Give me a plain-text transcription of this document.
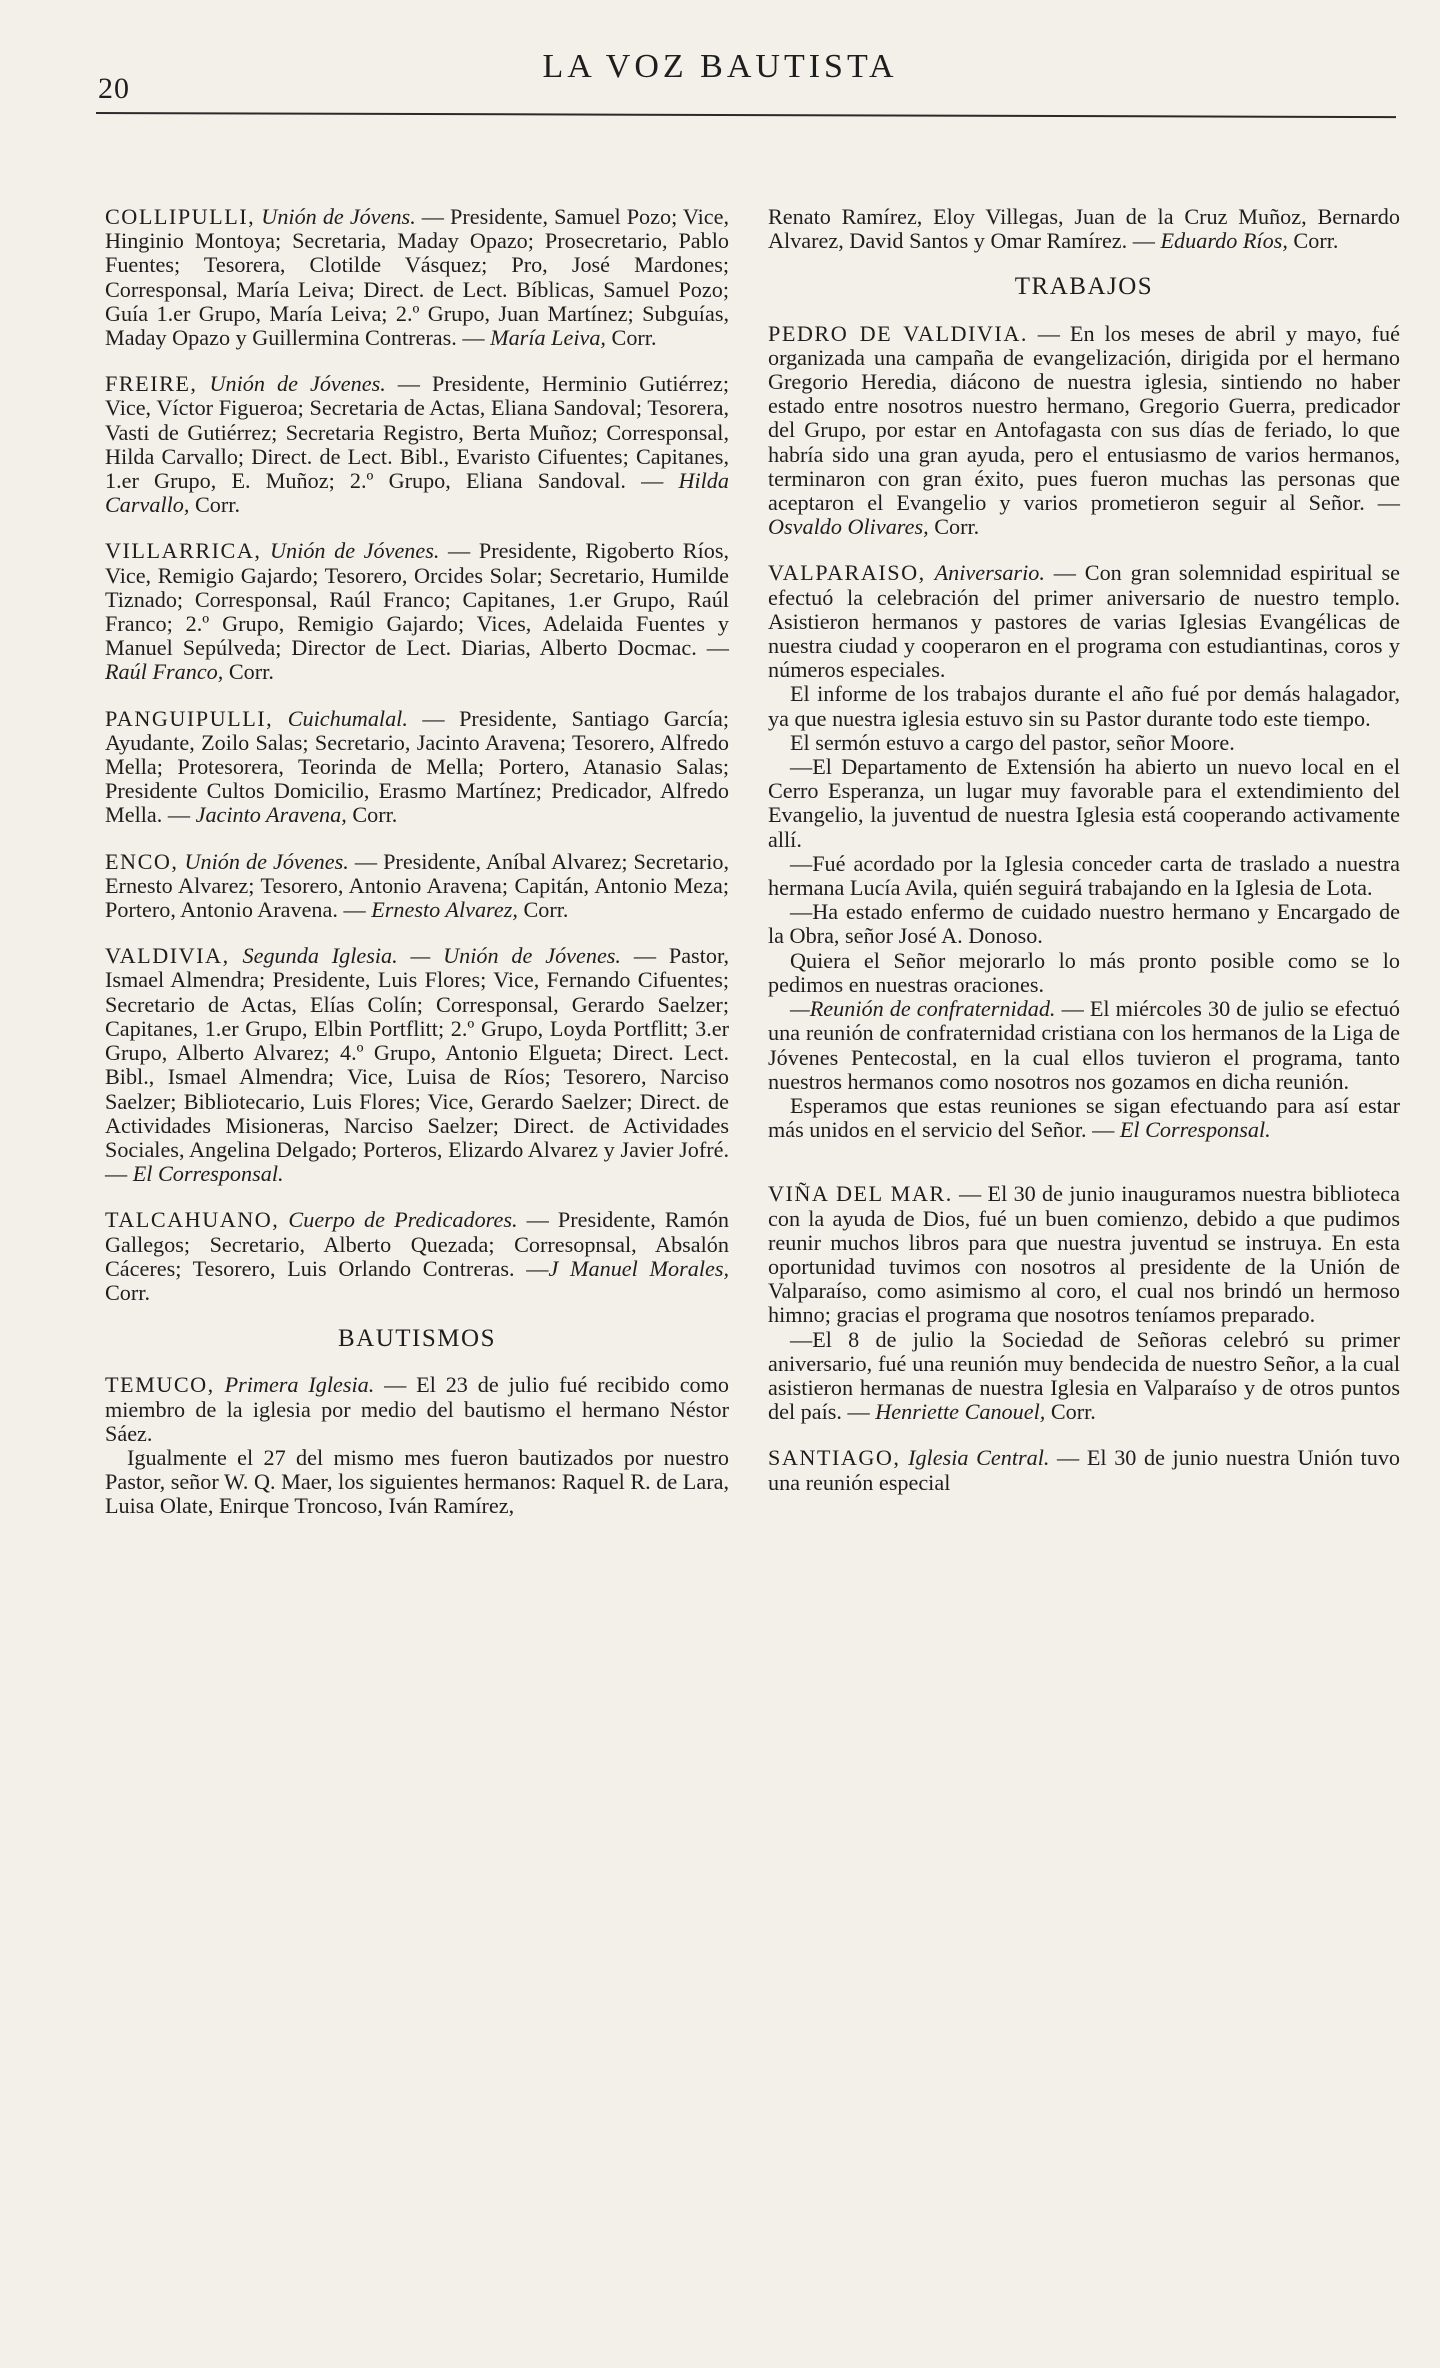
20
LA VOZ BAUTISTA

COLLIPULLI, Unión de Jóvens. — Presidente, Samuel Pozo; Vice, Hinginio Montoya; Secretaria, Maday Opazo; Prosecretario, Pablo Fuentes; Tesorera, Clotilde Vásquez; Pro, José Mardones; Corresponsal, María Leiva; Direct. de Lect. Bíblicas, Samuel Pozo; Guía 1.er Grupo, María Leiva; 2.º Grupo, Juan Martínez; Subguías, Maday Opazo y Guillermina Contreras. — María Leiva, Corr.

FREIRE, Unión de Jóvenes. — Presidente, Herminio Gutiérrez; Vice, Víctor Figueroa; Secretaria de Actas, Eliana Sandoval; Tesorera, Vasti de Gutiérrez; Secretaria Registro, Berta Muñoz; Corresponsal, Hilda Carvallo; Direct. de Lect. Bibl., Evaristo Cifuentes; Capitanes, 1.er Grupo, E. Muñoz; 2.º Grupo, Eliana Sandoval. — Hilda Carvallo, Corr.

VILLARRICA, Unión de Jóvenes. — Presidente, Rigoberto Ríos, Vice, Remigio Gajardo; Tesorero, Orcides Solar; Secretario, Humilde Tiznado; Corresponsal, Raúl Franco; Capitanes, 1.er Grupo, Raúl Franco; 2.º Grupo, Remigio Gajardo; Vices, Adelaida Fuentes y Manuel Sepúlveda; Director de Lect. Diarias, Alberto Docmac. — Raúl Franco, Corr.

PANGUIPULLI, Cuichumalal. — Presidente, Santiago García; Ayudante, Zoilo Salas; Secretario, Jacinto Aravena; Tesorero, Alfredo Mella; Protesorera, Teorinda de Mella; Portero, Atanasio Salas; Presidente Cultos Domicilio, Erasmo Martínez; Predicador, Alfredo Mella. — Jacinto Aravena, Corr.

ENCO, Unión de Jóvenes. — Presidente, Aníbal Alvarez; Secretario, Ernesto Alvarez; Tesorero, Antonio Aravena; Capitán, Antonio Meza; Portero, Antonio Aravena. — Ernesto Alvarez, Corr.

VALDIVIA, Segunda Iglesia. — Unión de Jóvenes. — Pastor, Ismael Almendra; Presidente, Luis Flores; Vice, Fernando Cifuentes; Secretario de Actas, Elías Colín; Corresponsal, Gerardo Saelzer; Capitanes, 1.er Grupo, Elbin Portflitt; 2.º Grupo, Loyda Portflitt; 3.er Grupo, Alberto Alvarez; 4.º Grupo, Antonio Elgueta; Direct. Lect. Bibl., Ismael Almendra; Vice, Luisa de Ríos; Tesorero, Narciso Saelzer; Bibliotecario, Luis Flores; Vice, Gerardo Saelzer; Direct. de Actividades Misioneras, Narciso Saelzer; Direct. de Actividades Sociales, Angelina Delgado; Porteros, Elizardo Alvarez y Javier Jofré. — El Corresponsal.

TALCAHUANO, Cuerpo de Predicadores. — Presidente, Ramón Gallegos; Secretario, Alberto Quezada; Corresopnsal, Absalón Cáceres; Tesorero, Luis Orlando Contreras. —J Manuel Morales, Corr.

BAUTISMOS

TEMUCO, Primera Iglesia. — El 23 de julio fué recibido como miembro de la iglesia por medio del bautismo el hermano Néstor Sáez.

Igualmente el 27 del mismo mes fueron bautizados por nuestro Pastor, señor W. Q. Maer, los siguientes hermanos: Raquel R. de Lara, Luisa Olate, Enirque Troncoso, Iván Ramírez,

Renato Ramírez, Eloy Villegas, Juan de la Cruz Muñoz, Bernardo Alvarez, David Santos y Omar Ramírez. — Eduardo Ríos, Corr.

TRABAJOS

PEDRO DE VALDIVIA. — En los meses de abril y mayo, fué organizada una campaña de evangelización, dirigida por el hermano Gregorio Heredia, diácono de nuestra iglesia, sintiendo no haber estado entre nosotros nuestro hermano, Gregorio Guerra, predicador del Grupo, por estar en Antofagasta con sus días de feriado, lo que habría sido una gran ayuda, pero el entusiasmo de varios hermanos, terminaron con gran éxito, pues fueron muchas las personas que aceptaron el Evangelio y varios prometieron seguir al Señor. — Osvaldo Olivares, Corr.

VALPARAISO, Aniversario. — Con gran solemnidad espiritual se efectuó la celebración del primer aniversario de nuestro templo. Asistieron hermanos y pastores de varias Iglesias Evangélicas de nuestra ciudad y cooperaron en el programa con estudiantinas, coros y números especiales.

El informe de los trabajos durante el año fué por demás halagador, ya que nuestra iglesia estuvo sin su Pastor durante todo este tiempo.

El sermón estuvo a cargo del pastor, señor Moore.

—El Departamento de Extensión ha abierto un nuevo local en el Cerro Esperanza, un lugar muy favorable para el extendimiento del Evangelio, la juventud de nuestra Iglesia está cooperando activamente allí.

—Fué acordado por la Iglesia conceder carta de traslado a nuestra hermana Lucía Avila, quién seguirá trabajando en la Iglesia de Lota.

—Ha estado enfermo de cuidado nuestro hermano y Encargado de la Obra, señor José A. Donoso.

Quiera el Señor mejorarlo lo más pronto posible como se lo pedimos en nuestras oraciones.

—Reunión de confraternidad. — El miércoles 30 de julio se efectuó una reunión de confraternidad cristiana con los hermanos de la Liga de Jóvenes Pentecostal, en la cual ellos tuvieron el programa, tanto nuestros hermanos como nosotros nos gozamos en dicha reunión.

Esperamos que estas reuniones se sigan efectuando para así estar más unidos en el servicio del Señor. — El Corresponsal.

VIÑA DEL MAR. — El 30 de junio inauguramos nuestra biblioteca con la ayuda de Dios, fué un buen comienzo, debido a que pudimos reunir muchos libros para que nuestra juventud se instruya. En esta oportunidad tuvimos con nosotros al presidente de la Unión de Valparaíso, como asimismo al coro, el cual nos brindó un hermoso himno; gracias el programa que nosotros teníamos preparado.

—El 8 de julio la Sociedad de Señoras celebró su primer aniversario, fué una reunión muy bendecida de nuestro Señor, a la cual asistieron hermanas de nuestra Iglesia en Valparaíso y de otros puntos del país. — Henriette Canouel, Corr.

SANTIAGO, Iglesia Central. — El 30 de junio nuestra Unión tuvo una reunión especial
